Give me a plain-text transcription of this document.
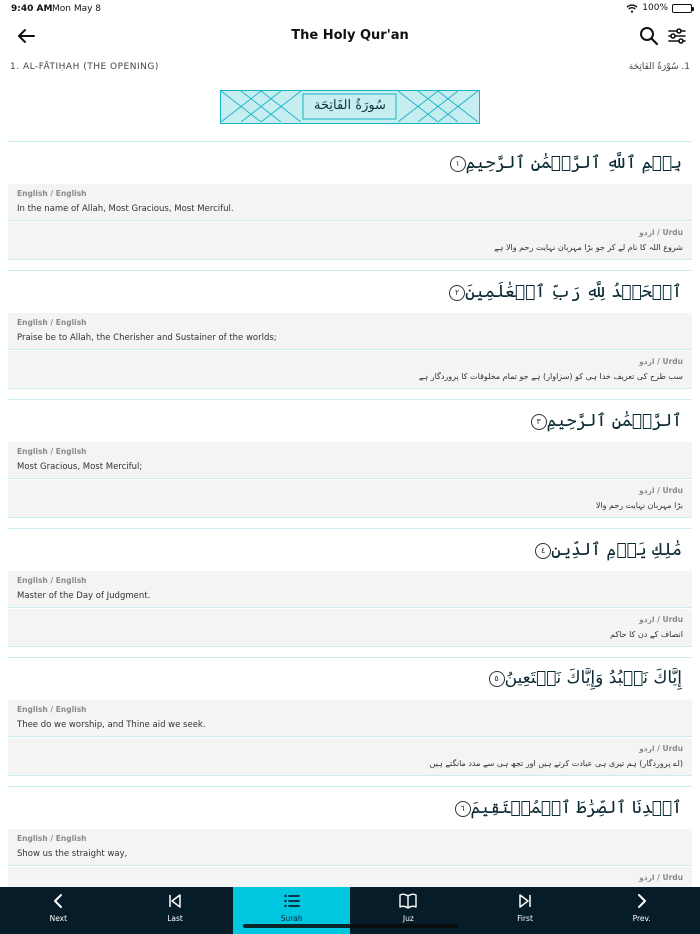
9:40 AM Mon May 8	100%
The Holy Qur'an
1. AL-FĀTIḤAH (THE OPENING)	1. سُوْرَةُ الفَاتِحَة
سُورَةُ الفَاتِحَة
بِسۡمِ ٱللَّهِ ٱلرَّحۡمَٰنِ ٱلرَّحِيمِ١
English / English
In the name of Allah, Most Gracious, Most Merciful.
اردو / Urdu
شروع اللہ کا نام لے کر جو بڑا مہربان نہایت رحم والا ہے
ٱلۡحَمۡدُ لِلَّهِ رَبِّ ٱلۡعَٰلَمِينَ٢
English / English
Praise be to Allah, the Cherisher and Sustainer of the worlds;
اردو / Urdu
سب طرح کی تعریف خدا ہی کو (سزاوار) ہے جو تمام مخلوقات کا پروردگار ہے
ٱلرَّحۡمَٰنِ ٱلرَّحِيمِ٣
English / English
Most Gracious, Most Merciful;
اردو / Urdu
بڑا مہربان نہایت رحم والا
مَٰلِكِ يَوۡمِ ٱلدِّينِ٤
English / English
Master of the Day of Judgment.
اردو / Urdu
انصاف کے دن کا حاکم
إِيَّاكَ نَعۡبُدُ وَإِيَّاكَ نَسۡتَعِينُ٥
English / English
Thee do we worship, and Thine aid we seek.
اردو / Urdu
(اے پروردگار) ہم تیری ہی عبادت کرتے ہیں اور تجھ ہی سے مدد مانگتے ہیں
ٱهۡدِنَا ٱلصِّرَٰطَ ٱلۡمُسۡتَقِيمَ٦
English / English
Show us the straight way,
اردو / Urdu
Next	Last	Surah	Juz	First	Prev.
